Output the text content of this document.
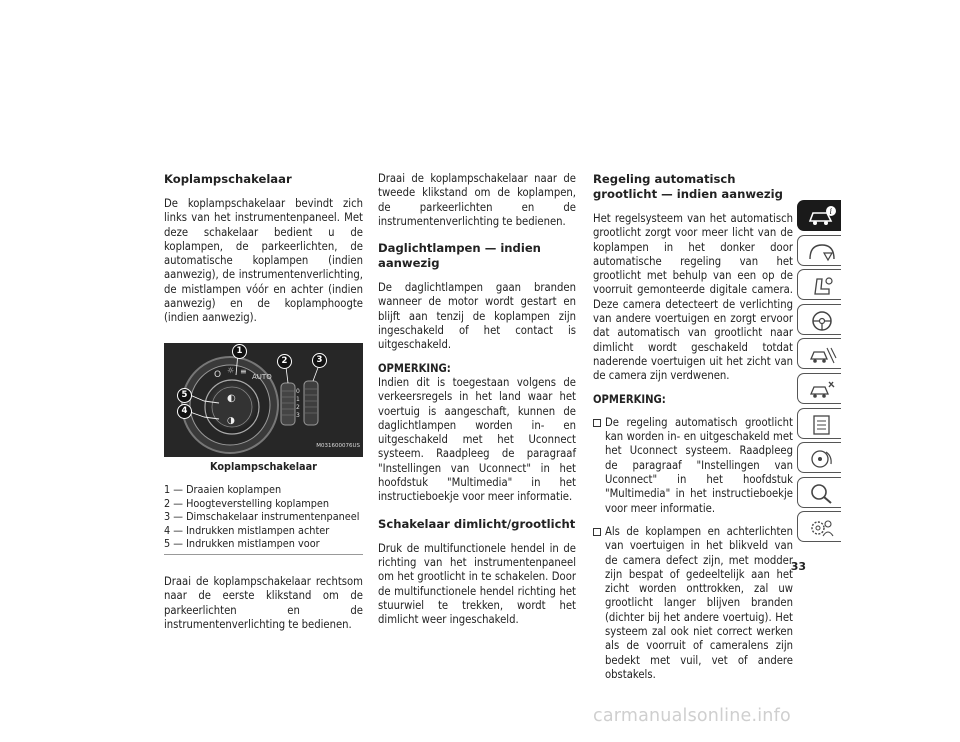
Koplampschakelaar

De koplampschakelaar bevindt zich links van het instrumentenpaneel. Met deze schakelaar bedient u de koplampen, de parkeerlichten, de automatische koplampen (indien aanwezig), de instrumentenverlichting, de mistlampen vóór en achter (indien aanwezig) en de koplamphoogte (indien aanwezig).

O ☼ ≡
AUTO
◐
◑
0
1
2
3
1
2	3
5
4
M031600076US
Koplampschakelaar
1 — Draaien koplampen
2 — Hoogteverstelling koplampen
3 — Dimschakelaar instrumentenpaneel
4 — Indrukken mistlampen achter
5 — Indrukken mistlampen voor

Draai de koplampschakelaar rechtsom naar de eerste klikstand om de parkeerlichten en de instrumentenverlichting te bedienen.

Draai de koplampschakelaar naar de tweede klikstand om de koplampen, de parkeerlichten en de instrumentenverlichting te bedienen.

Daglichtlampen — indien aanwezig

De daglichtlampen gaan branden wanneer de motor wordt gestart en blijft aan tenzij de koplampen zijn ingeschakeld of het contact is uitgeschakeld.

OPMERKING:

Indien dit is toegestaan volgens de verkeersregels in het land waar het voertuig is aangeschaft, kunnen de daglichtlampen worden in- en uitgeschakeld met het Uconnect systeem. Raadpleeg de paragraaf "Instellingen van Uconnect" in het hoofdstuk "Multimedia" in het instructieboekje voor meer informatie.

Schakelaar dimlicht/grootlicht

Druk de multifunctionele hendel in de richting van het instrumentenpaneel om het grootlicht in te schakelen. Door de multifunctionele hendel richting het stuurwiel te trekken, wordt het dimlicht weer ingeschakeld.

Regeling automatisch grootlicht — indien aanwezig

Het regelsysteem van het automatisch grootlicht zorgt voor meer licht van de koplampen in het donker door automatische regeling van het grootlicht met behulp van een op de voorruit gemonteerde digitale camera. Deze camera detecteert de verlichting van andere voertuigen en zorgt ervoor dat automatisch van grootlicht naar dimlicht wordt geschakeld totdat naderende voertuigen uit het zicht van de camera zijn verdwenen.

OPMERKING:
De regeling automatisch grootlicht kan worden in- en uitgeschakeld met het Uconnect systeem. Raadpleeg de paragraaf "Instellingen van Uconnect" in het hoofdstuk "Multimedia" in het instructieboekje voor meer informatie.
Als de koplampen en achterlichten van voertuigen in het blikveld van de camera defect zijn, met modder zijn bespat of gedeeltelijk aan het zicht worden onttrokken, zal uw grootlicht langer blijven branden (dichter bij het andere voertuig). Het systeem zal ook niet correct werken als de voorruit of cameralens zijn bedekt met vuil, vet of andere obstakels.
i
33
carmanualsonline.info
